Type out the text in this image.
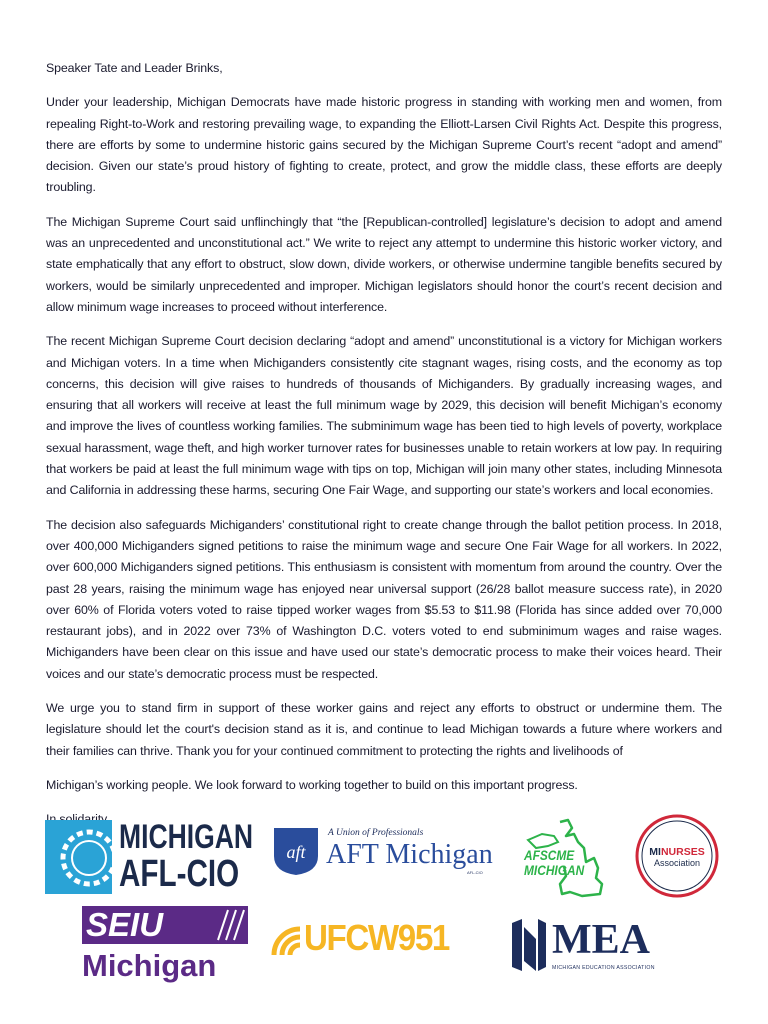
Speaker Tate and Leader Brinks,

Under your leadership, Michigan Democrats have made historic progress in standing with working men and women, from repealing Right-to-Work and restoring prevailing wage, to expanding the Elliott-Larsen Civil Rights Act. Despite this progress, there are efforts by some to undermine historic gains secured by the Michigan Supreme Court’s recent “adopt and amend” decision. Given our state’s proud history of fighting to create, protect, and grow the middle class, these efforts are deeply troubling.

The Michigan Supreme Court said unflinchingly that “the [Republican-controlled] legislature’s decision to adopt and amend was an unprecedented and unconstitutional act.” We write to reject any attempt to undermine this historic worker victory, and state emphatically that any effort to obstruct, slow down, divide workers, or otherwise undermine tangible benefits secured by workers, would be similarly unprecedented and improper. Michigan legislators should honor the court’s recent decision and allow minimum wage increases to proceed without interference.

The recent Michigan Supreme Court decision declaring “adopt and amend” unconstitutional is a victory for Michigan workers and Michigan voters. In a time when Michiganders consistently cite stagnant wages, rising costs, and the economy as top concerns, this decision will give raises to hundreds of thousands of Michiganders. By gradually increasing wages, and ensuring that all workers will receive at least the full minimum wage by 2029, this decision will benefit Michigan’s economy and improve the lives of countless working families. The subminimum wage has been tied to high levels of poverty, workplace sexual harassment, wage theft, and high worker turnover rates for businesses unable to retain workers at low pay. In requiring that workers be paid at least the full minimum wage with tips on top, Michigan will join many other states, including Minnesota and California in addressing these harms, securing One Fair Wage, and supporting our state’s workers and local economies.

The decision also safeguards Michiganders’ constitutional right to create change through the ballot petition process. In 2018, over 400,000 Michiganders signed petitions to raise the minimum wage and secure One Fair Wage for all workers. In 2022, over 600,000 Michiganders signed petitions. This enthusiasm is consistent with momentum from around the country. Over the past 28 years, raising the minimum wage has enjoyed near universal support (26/28 ballot measure success rate), in 2020 over 60% of Florida voters voted to raise tipped worker wages from $5.53 to $11.98 (Florida has since added over 70,000 restaurant jobs), and in 2022 over 73% of Washington D.C. voters voted to end subminimum wages and raise wages. Michiganders have been clear on this issue and have used our state’s democratic process to make their voices heard. Their voices and our state’s democratic process must be respected.

We urge you to stand firm in support of these worker gains and reject any efforts to obstruct or undermine them. The legislature should let the court's decision stand as it is, and continue to lead Michigan towards a future where workers and their families can thrive. Thank you for your continued commitment to protecting the rights and livelihoods of

Michigan’s working people. We look forward to working together to build on this important progress.

MICHIGAN
AFL-CIO
aft
A Union of Professionals
AFT Michigan
AFL-CIO
AFSCME
MICHIGAN
MINURSES
Association
SEIU
Michigan
UFCW951 MEA
MICHIGAN EDUCATION ASSOCIATION
